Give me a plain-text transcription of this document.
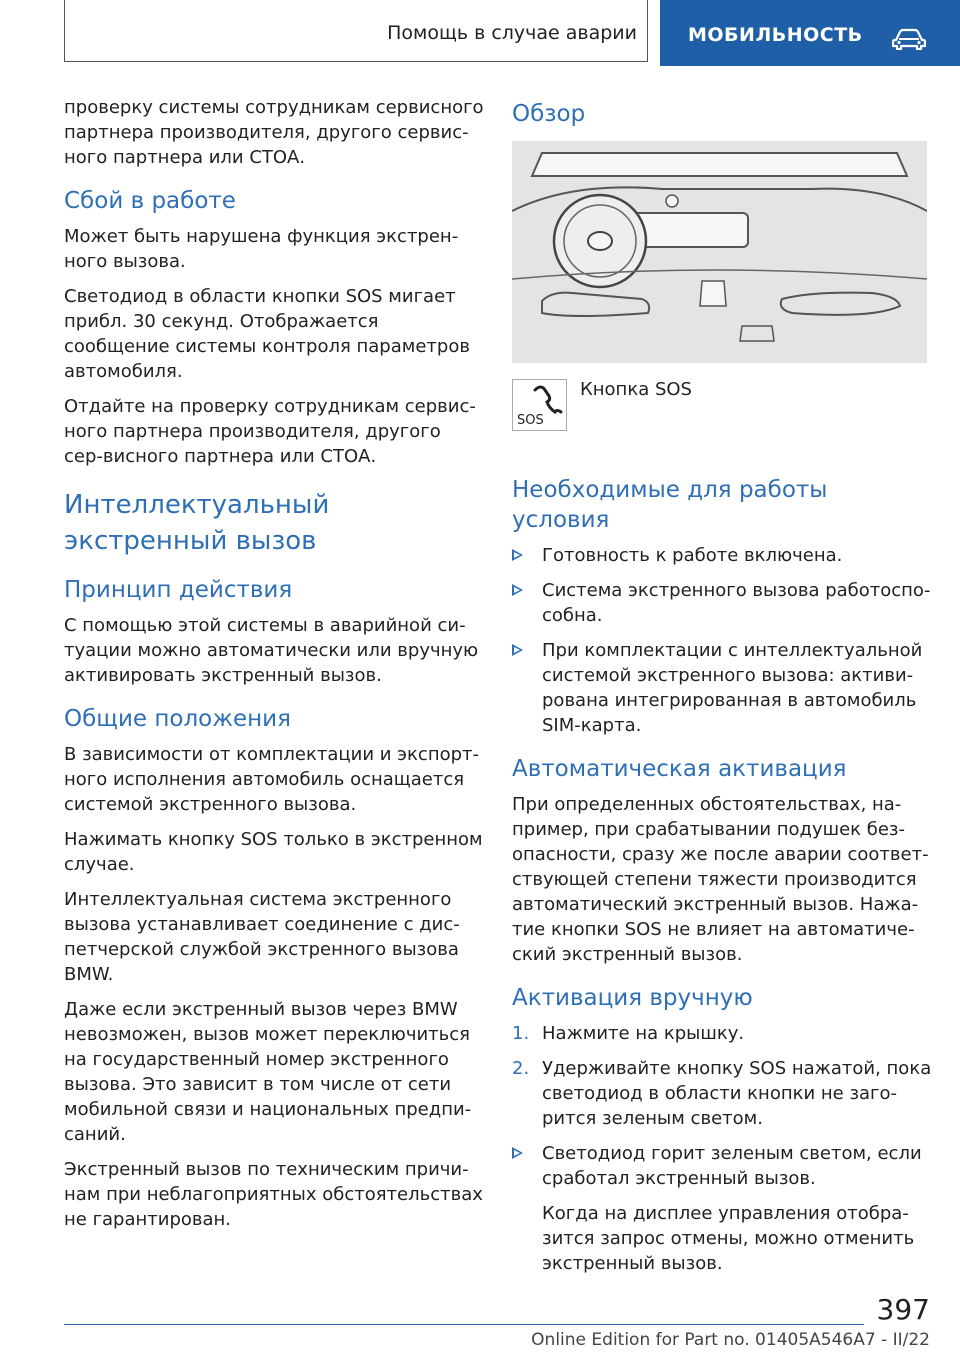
Помощь в случае аварии	МОБИЛЬНОСТЬ

проверку системы сотрудникам сервисного партнера производителя, другого сервис-ного партнера или СТОА.

Сбой в работе

Может быть нарушена функция экстрен-ного вызова.

Светодиод в области кнопки SOS мигает прибл. 30 секунд. Отображается сообщение системы контроля параметров автомобиля.

Отдайте на проверку сотрудникам сервис-ного партнера производителя, другого сер-висного партнера или СТОА.

Интеллектуальный экстренный вызов
Принцип действия

С помощью этой системы в аварийной си-туации можно автоматически или вручную активировать экстренный вызов.

Общие положения

В зависимости от комплектации и экспорт-ного исполнения автомобиль оснащается системой экстренного вызова.

Нажимать кнопку SOS только в экстренном случае.

Интеллектуальная система экстренного вызова устанавливает соединение с дис-петчерской службой экстренного вызова BMW.

Даже если экстренный вызов через BMW невозможен, вызов может переключиться на государственный номер экстренного вызова. Это зависит в том числе от сети мобильной связи и национальных предпи-саний.

Экстренный вызов по техническим причи-нам при неблагоприятных обстоятельствах не гарантирован.

Обзор
SOS
Кнопка SOS
Необходимые для работы условия
Готовность к работе включена.
Система экстренного вызова работоспо-собна.
При комплектации с интеллектуальной системой экстренного вызова: активи-рована интегрированная в автомобиль SIM-карта.
Автоматическая активация

При определенных обстоятельствах, на-пример, при срабатывании подушек без-опасности, сразу же после аварии соответ-ствующей степени тяжести производится автоматический экстренный вызов. Нажа-тие кнопки SOS не влияет на автоматиче-ский экстренный вызов.

Активация вручную
1. Нажмите на крышку.
2. Удерживайте кнопку SOS нажатой, пока светодиод в области кнопки не заго-рится зеленым светом.
Светодиод горит зеленым светом, если сработал экстренный вызов.

Когда на дисплее управления отобра-зится запрос отмены, можно отменить экстренный вызов.

397
Online Edition for Part no. 01405A546A7 - II/22
